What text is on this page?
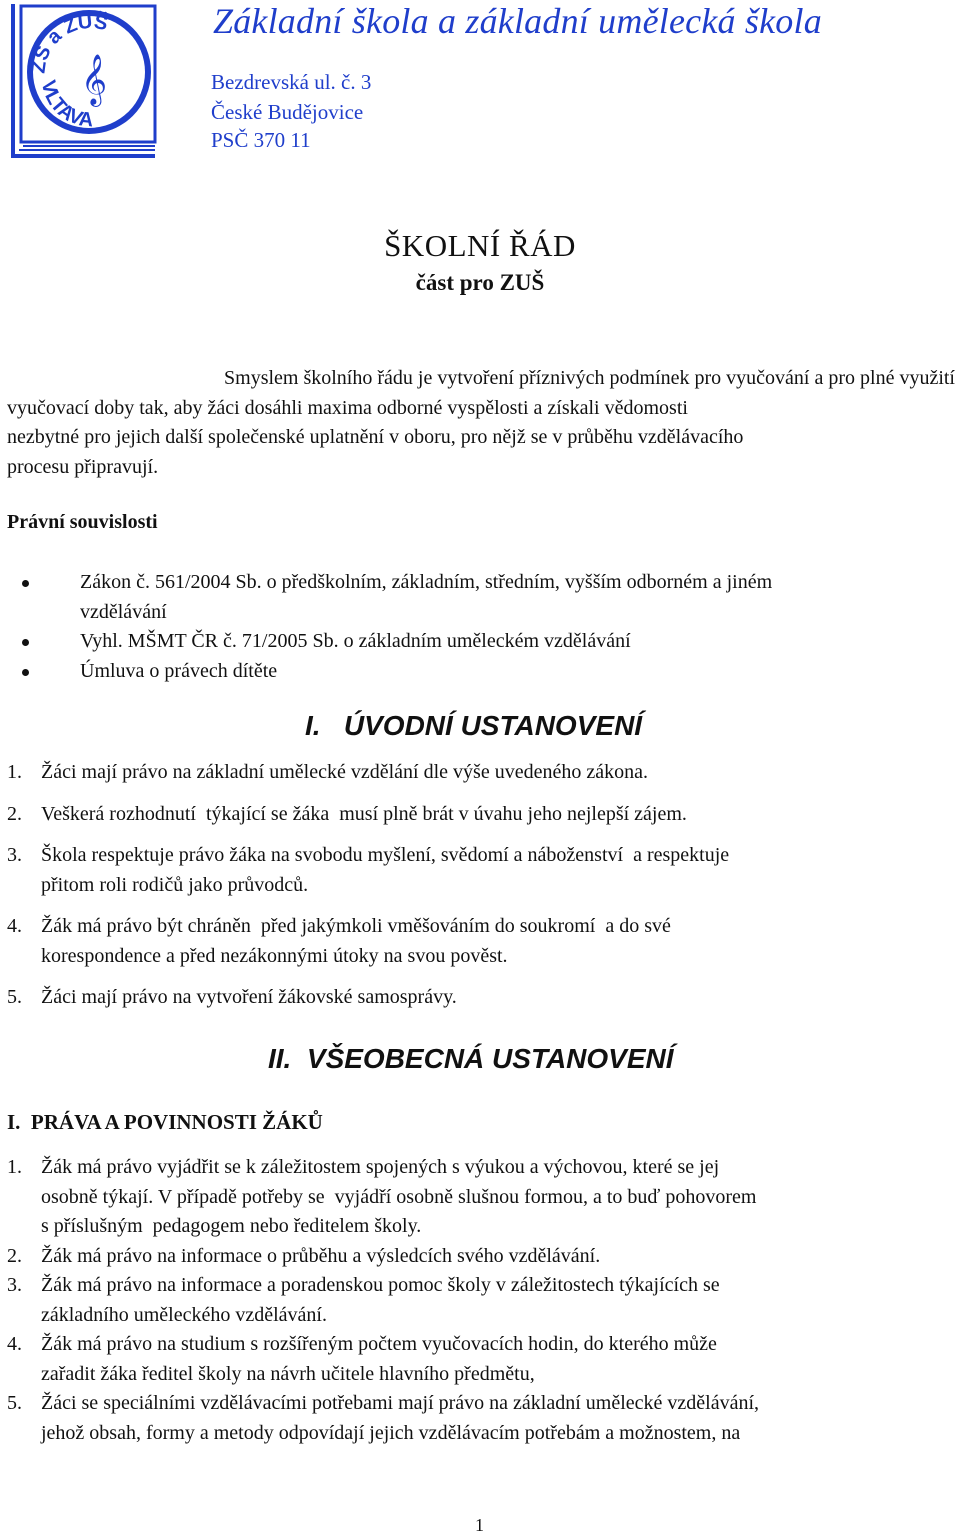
ZŠ a ZUŠ
VLTAVA
𝄞
Základní škola a základní umělecká škola
Bezdrevská ul. č. 3
České Budějovice
PSČ 370 11
ŠKOLNÍ ŘÁD
část pro ZUŠ
Smyslem školního řádu je vytvoření příznivých podmínek pro vyučování a pro plné využití
vyučovací doby tak, aby žáci dosáhli maxima odborné vyspělosti a získali vědomosti
nezbytné pro jejich další společenské uplatnění v oboru, pro nějž se v průběhu vzdělávacího
procesu připravují.
Právní souvislosti
Zákon č. 561/2004 Sb. o předškolním, základním, středním, vyšším odborném a jiném
vzdělávání
Vyhl. MŠMT ČR č. 71/2005 Sb. o základním uměleckém vzdělávání
Úmluva o právech dítěte
I.   ÚVODNÍ USTANOVENÍ
1. Žáci mají právo na základní umělecké vzdělání dle výše uvedeného zákona.
2. Veškerá rozhodnutí  týkající se žáka  musí plně brát v úvahu jeho nejlepší zájem.
3. Škola respektuje právo žáka na svobodu myšlení, svědomí a náboženství  a respektuje
přitom roli rodičů jako průvodců.
4. Žák má právo být chráněn  před jakýmkoli vměšováním do soukromí  a do své
korespondence a před nezákonnými útoky na svou pověst.
5. Žáci mají právo na vytvoření žákovské samosprávy.
II.  VŠEOBECNÁ USTANOVENÍ
I.  PRÁVA A POVINNOSTI ŽÁKŮ
1. Žák má právo vyjádřit se k záležitostem spojených s výukou a výchovou, které se jej
osobně týkají. V případě potřeby se  vyjádří osobně slušnou formou, a to buď pohovorem
s příslušným  pedagogem nebo ředitelem školy.
2. Žák má právo na informace o průběhu a výsledcích svého vzdělávání.
3. Žák má právo na informace a poradenskou pomoc školy v záležitostech týkajících se
základního uměleckého vzdělávání.
4. Žák má právo na studium s rozšířeným počtem vyučovacích hodin, do kterého může
zařadit žáka ředitel školy na návrh učitele hlavního předmětu,
5. Žáci se speciálními vzdělávacími potřebami mají právo na základní umělecké vzdělávání,
jehož obsah, formy a metody odpovídají jejich vzdělávacím potřebám a možnostem, na
1
